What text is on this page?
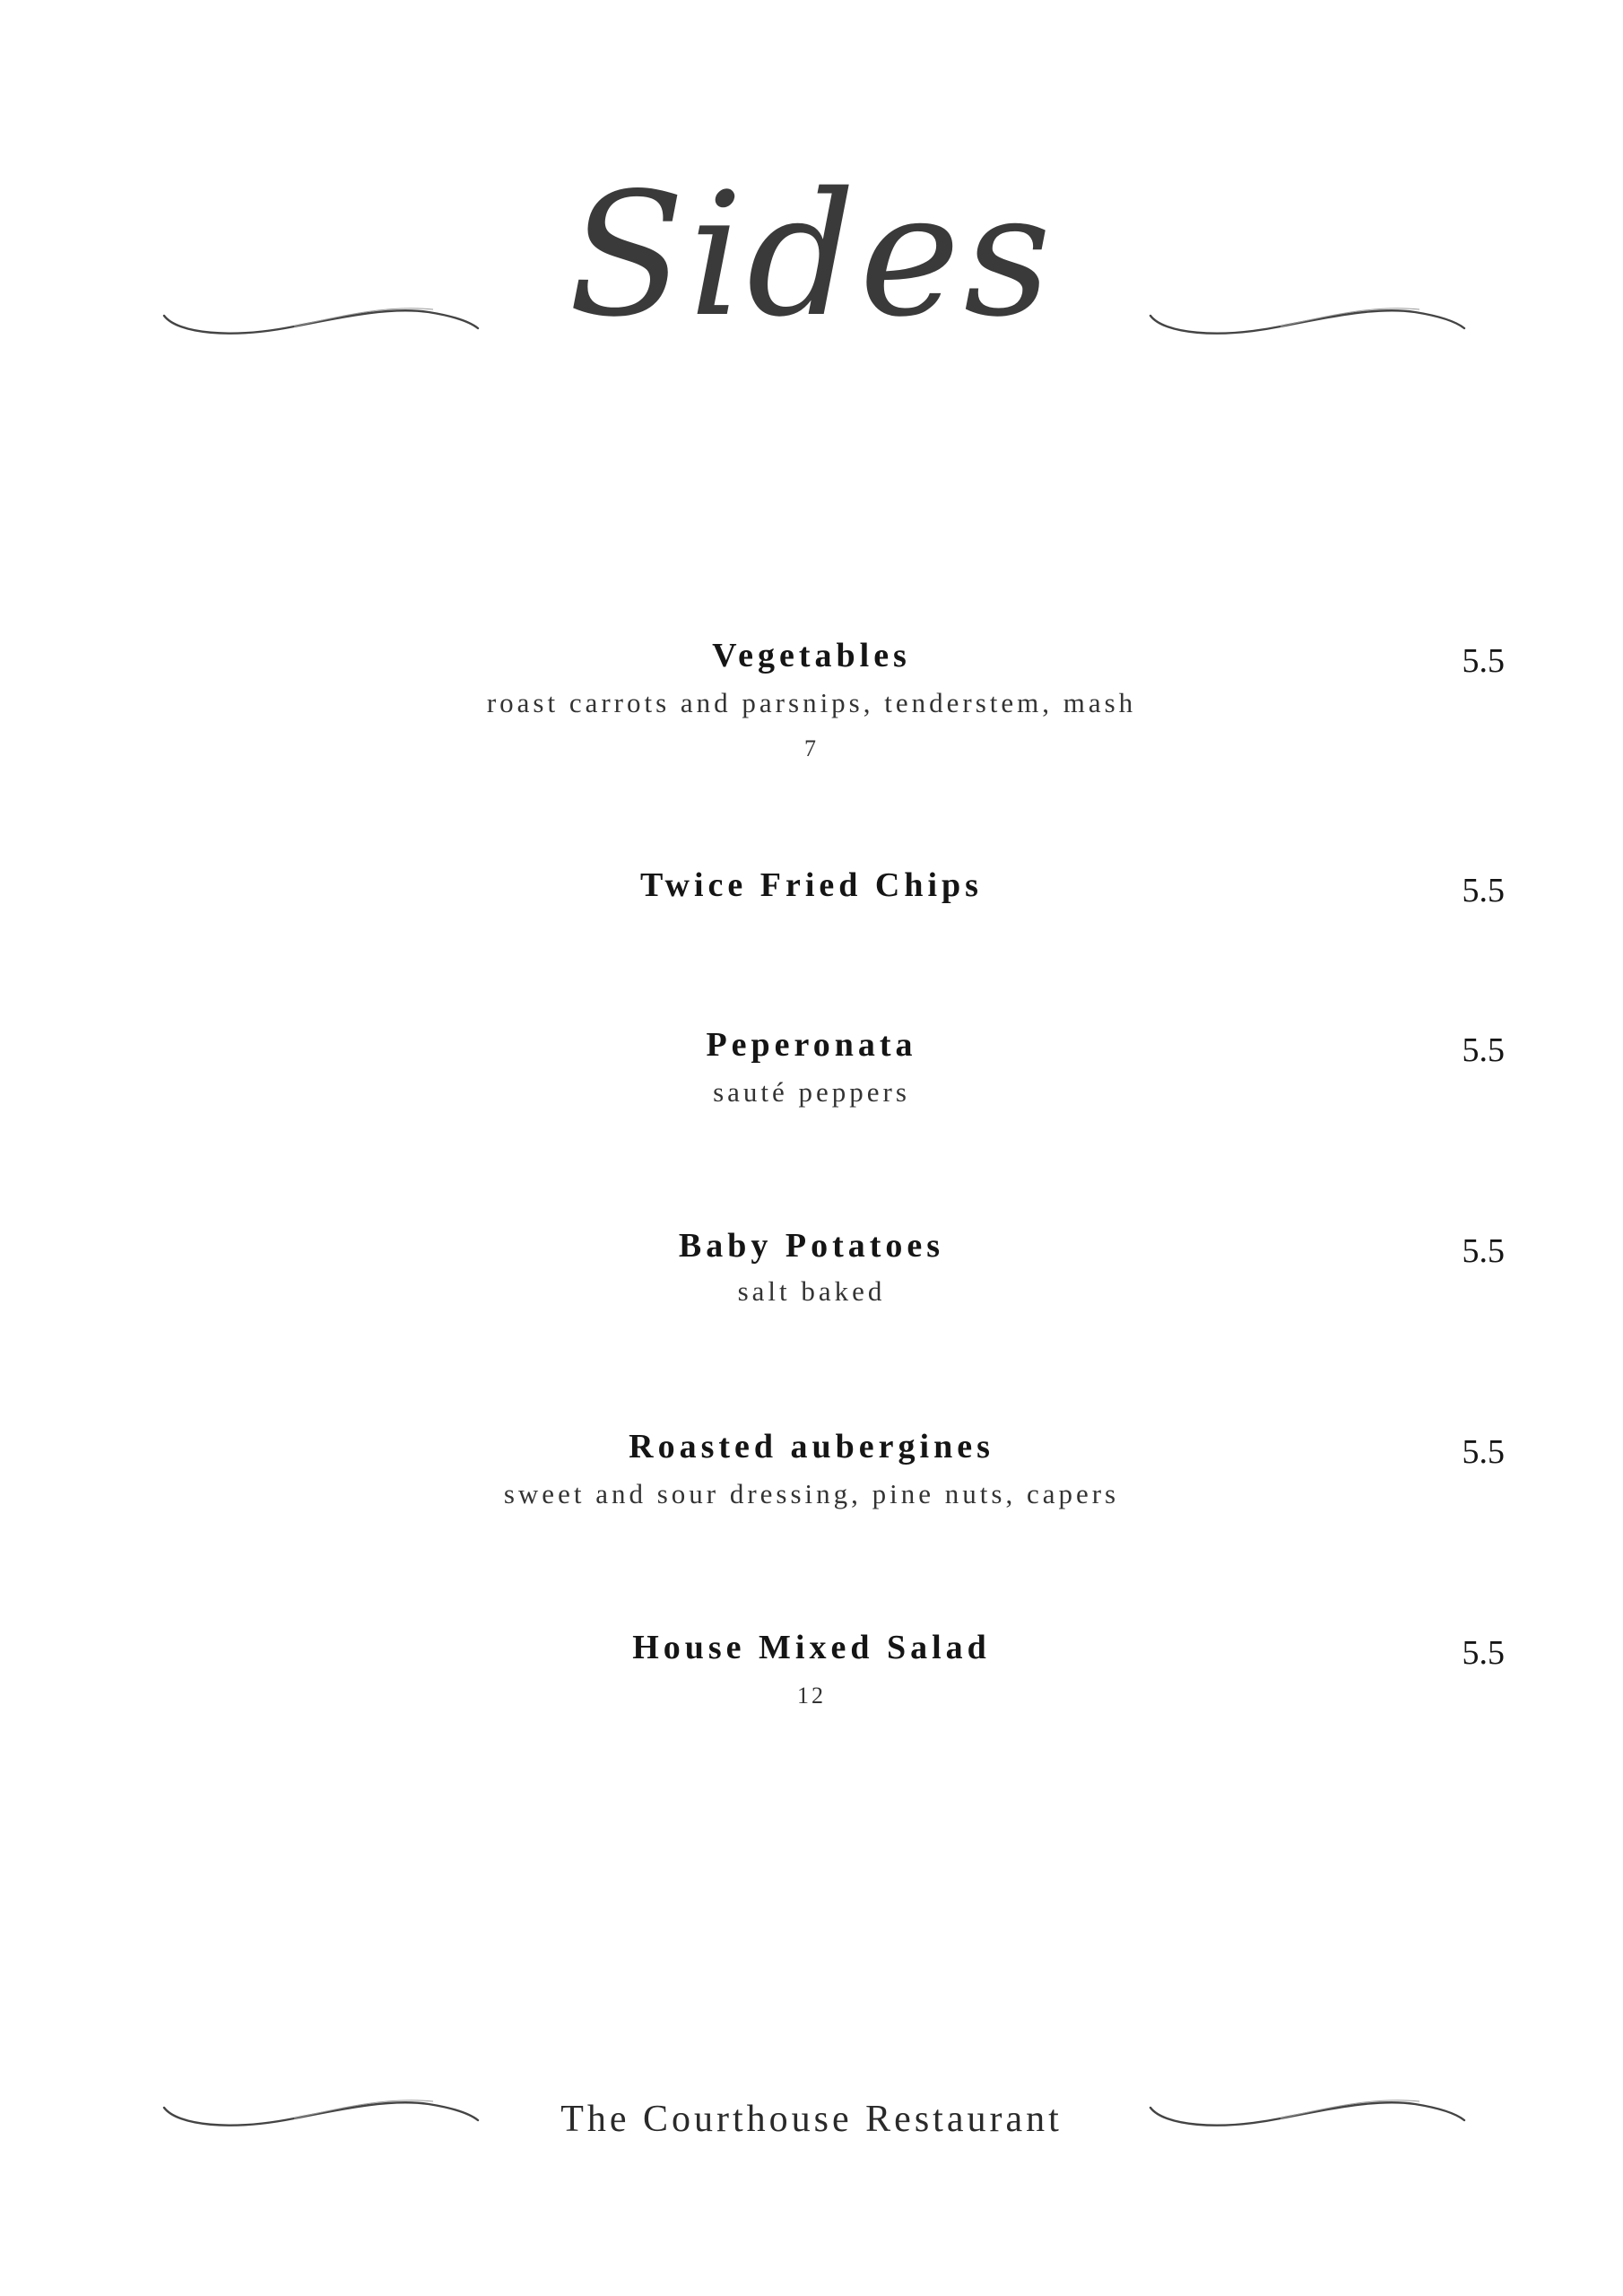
Sides
Vegetables	5.5
roast carrots and parsnips, tenderstem, mash
7
Twice Fried Chips	5.5
Peperonata	5.5
sauté peppers
Baby Potatoes	5.5
salt baked
Roasted aubergines	5.5
sweet and sour dressing, pine nuts, capers
House Mixed Salad	5.5
12
The Courthouse Restaurant
